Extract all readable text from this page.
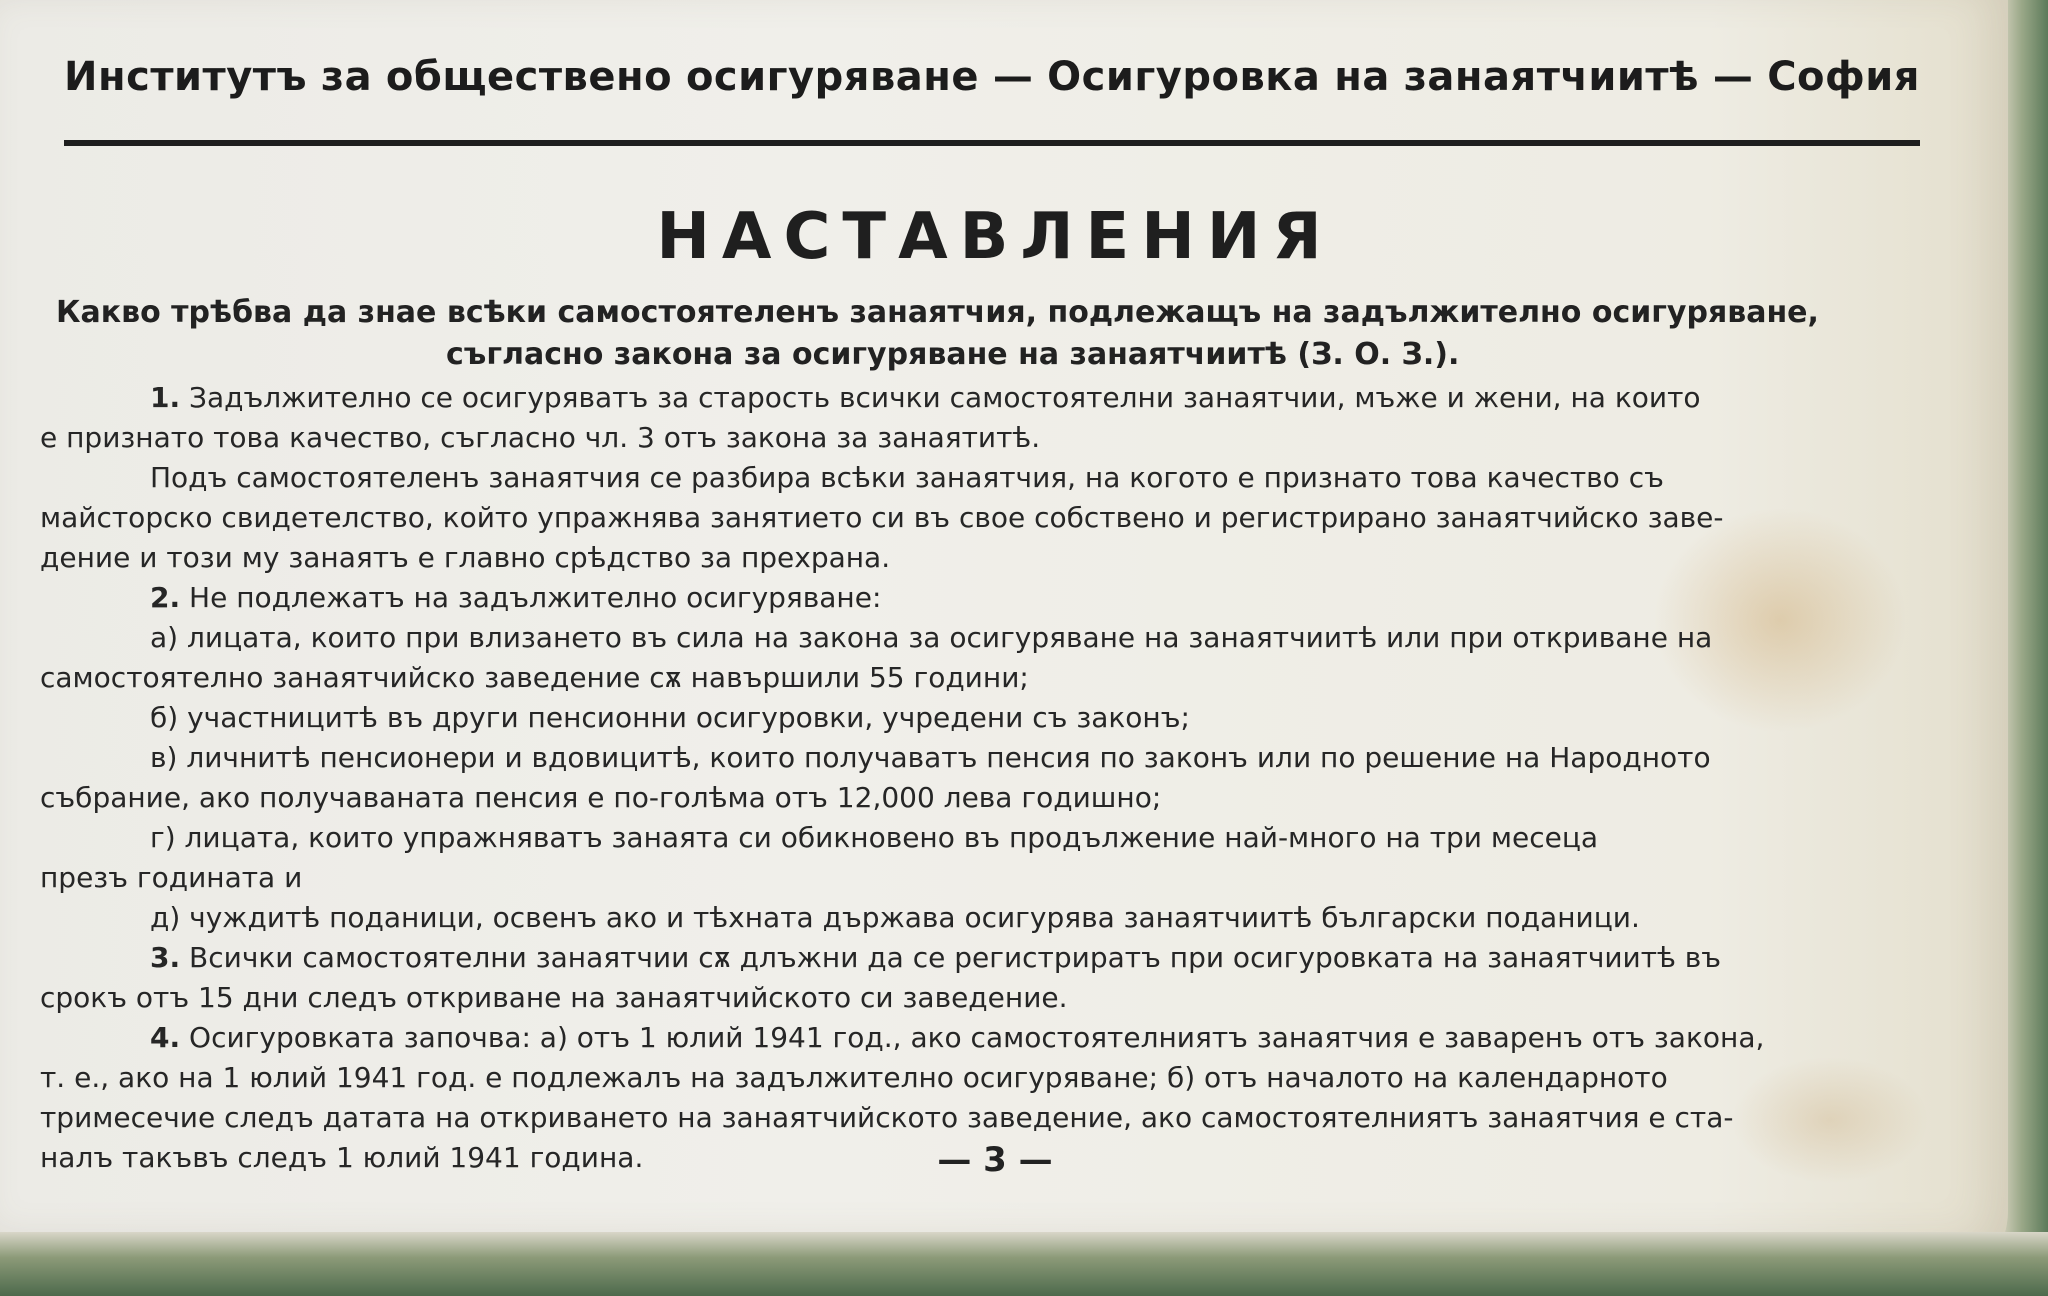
Институтъ за обществено осигуряване — Осигуровка на занаятчиитѣ — София
НАСТАВЛЕНИЯ
Какво трѣбва да знае всѣки самостоятеленъ занаятчия, подлежащъ на задължително осигуряване,
съгласно закона за осигуряване на занаятчиитѣ (З. О. З.).
1. Задължително се осигуряватъ за старость всички самостоятелни занаятчии, мъже и жени, на които
е признато това качество, съгласно чл. 3 отъ закона за занаятитѣ.
Подъ самостоятеленъ занаятчия се разбира всѣки занаятчия, на когото е признато това качество съ
майсторско свидетелство, който упражнява занятието си въ свое собствено и регистрирано занаятчийско заве-
дение и този му занаятъ е главно срѣдство за прехрана.
2. Не подлежатъ на задължително осигуряване:
а) лицата, които при влизането въ сила на закона за осигуряване на занаятчиитѣ или при откриване на
самостоятелно занаятчийско заведение сѫ навършили 55 години;
б) участницитѣ въ други пенсионни осигуровки, учредени съ законъ;
в) личнитѣ пенсионери и вдовицитѣ, които получаватъ пенсия по законъ или по решение на Народното
събрание, ако получаваната пенсия е по-голѣма отъ 12,000 лева годишно;
г) лицата, които упражняватъ занаята си обикновено въ продължение най-много на три месеца
презъ годината и
д) чуждитѣ поданици, освенъ ако и тѣхната държава осигурява занаятчиитѣ български поданици.
3. Всички самостоятелни занаятчии сѫ длъжни да се регистриратъ при осигуровката на занаятчиитѣ въ
срокъ отъ 15 дни следъ откриване на занаятчийското си заведение.
4. Осигуровката започва: а) отъ 1 юлий 1941 год., ако самостоятелниятъ занаятчия е заваренъ отъ закона,
т. е., ако на 1 юлий 1941 год. е подлежалъ на задължително осигуряване; б) отъ началото на календарното
тримесечие следъ датата на откриването на занаятчийското заведение, ако самостоятелниятъ занаятчия е ста-
налъ такъвъ следъ 1 юлий 1941 година.	— 3 —
